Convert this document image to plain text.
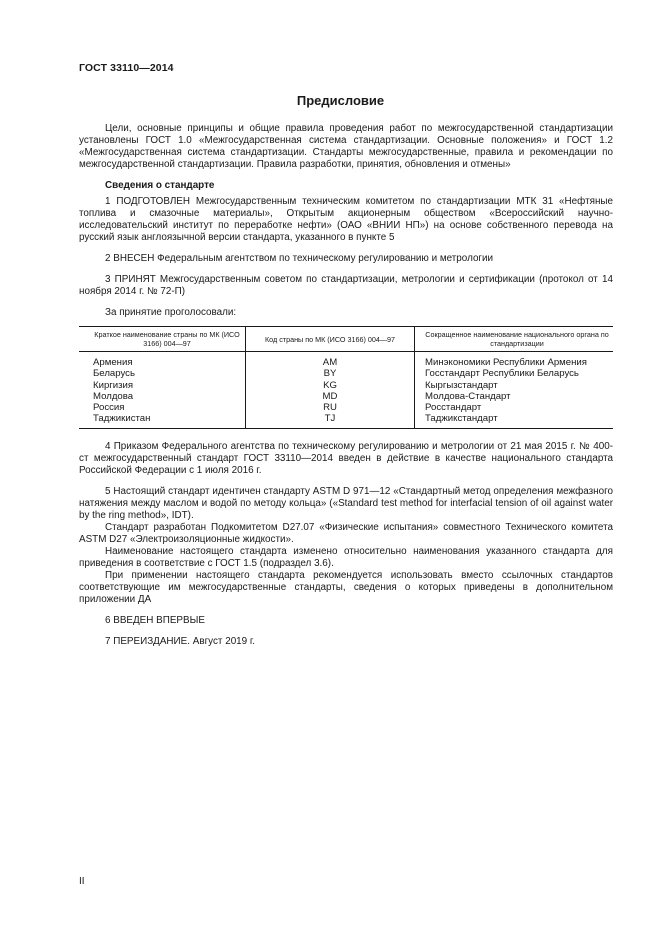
ГОСТ 33110—2014
Предисловие

Цели, основные принципы и общие правила проведения работ по межгосударственной стандартизации установлены ГОСТ 1.0 «Межгосударственная система стандартизации. Основные положения» и ГОСТ 1.2 «Межгосударственная система стандартизации. Стандарты межгосударственные, правила и рекомендации по межгосударственной стандартизации. Правила разработки, принятия, обновления и отмены»

Сведения о стандарте

1 ПОДГОТОВЛЕН Межгосударственным техническим комитетом по стандартизации МТК 31 «Нефтяные топлива и смазочные материалы», Открытым акционерным обществом «Всероссийский научно-исследовательский институт по переработке нефти» (ОАО «ВНИИ НП») на основе собственного перевода на русский язык англоязычной версии стандарта, указанного в пункте 5

2 ВНЕСЕН Федеральным агентством по техническому регулированию и метрологии

3 ПРИНЯТ Межгосударственным советом по стандартизации, метрологии и сертификации (протокол от 14 ноября 2014 г. № 72-П)

За принятие проголосовали:

Краткое наименование страны по МК (ИСО 3166) 004—97	Код страны по МК (ИСО 3166) 004—97	Сокращенное наименование национального органа по стандартизации
Армения	AM	Минэкономики Республики Армения
Беларусь	BY	Госстандарт Республики Беларусь
Киргизия	KG	Кыргызстандарт
Молдова	MD	Молдова-Стандарт
Россия	RU	Росстандарт
Таджикистан	TJ	Таджикстандарт

4 Приказом Федерального агентства по техническому регулированию и метрологии от 21 мая 2015 г. № 400-ст межгосударственный стандарт ГОСТ 33110—2014 введен в действие в качестве национального стандарта Российской Федерации с 1 июля 2016 г.

5 Настоящий стандарт идентичен стандарту ASTM D 971—12 «Стандартный метод определения межфазного натяжения между маслом и водой по методу кольца» («Standard test method for interfacial tension of oil against water by the ring method», IDT).

Стандарт разработан Подкомитетом D27.07 «Физические испытания» совместного Технического комитета ASTM D27 «Электроизоляционные жидкости».

Наименование настоящего стандарта изменено относительно наименования указанного стандарта для приведения в соответствие с ГОСТ 1.5 (подраздел 3.6).

При применении настоящего стандарта рекомендуется использовать вместо ссылочных стандартов соответствующие им межгосударственные стандарты, сведения о которых приведены в дополнительном приложении ДА

6 ВВЕДЕН ВПЕРВЫЕ

7 ПЕРЕИЗДАНИЕ. Август 2019 г.

II
